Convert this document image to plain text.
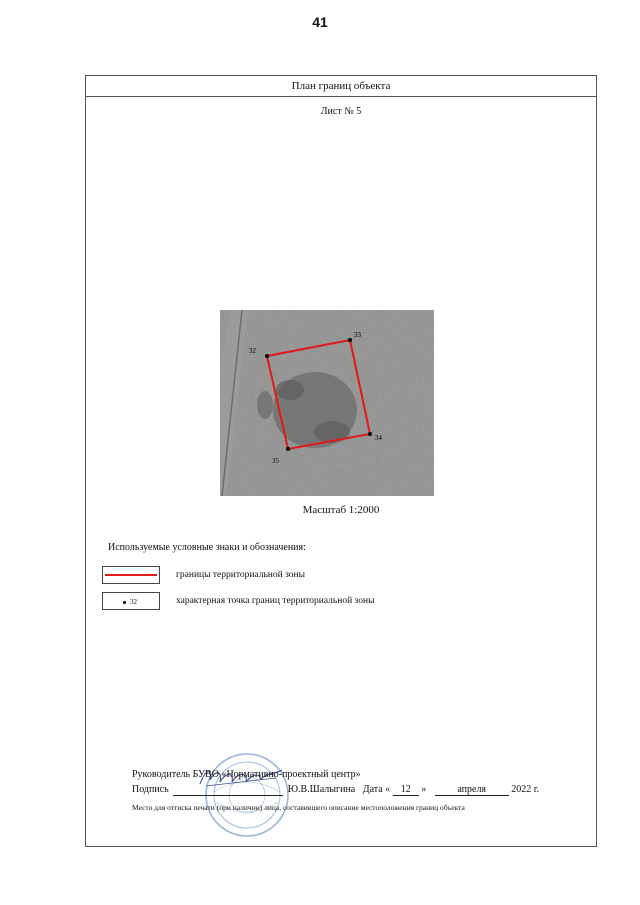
41
План границ объекта
Лист № 5
32
33
34
35
Масштаб 1:2000
Используемые условные знаки и обозначения:
границы территориальной зоны
32	характерная точка границ территориальной зоны
Руководитель БУВО «Нормативно-проектный центр»
Подпись	Ю.В.Шалыгина Дата « 12 »	апреля	2022 г.
Место для оттиска печати (при наличии) лица, составившего описание местоположения границ объекта
